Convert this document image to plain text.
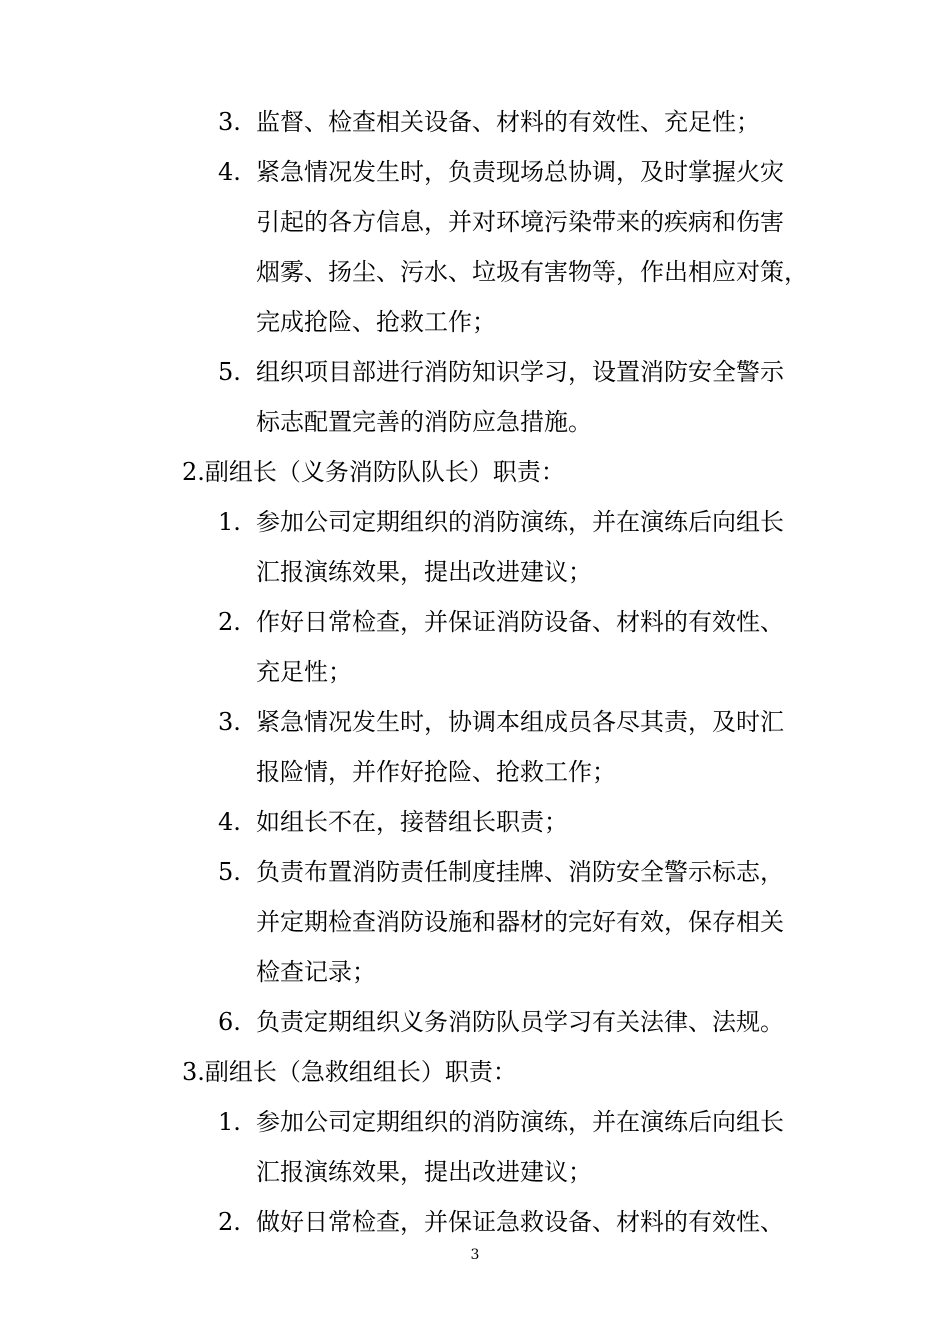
3. 监督、检查相关设备、材料的有效性、充足性；
4. 紧急情况发生时，负责现场总协调，及时掌握火灾
引起的各方信息，并对环境污染带来的疾病和伤害
烟雾、扬尘、污水、垃圾有害物等，作出相应对策，
完成抢险、抢救工作；
5. 组织项目部进行消防知识学习，设置消防安全警示
标志配置完善的消防应急措施。
2.副组长（义务消防队队长）职责：
1. 参加公司定期组织的消防演练，并在演练后向组长
汇报演练效果，提出改进建议；
2. 作好日常检查，并保证消防设备、材料的有效性、
充足性；
3. 紧急情况发生时，协调本组成员各尽其责，及时汇
报险情，并作好抢险、抢救工作；
4. 如组长不在，接替组长职责；
5. 负责布置消防责任制度挂牌、消防安全警示标志，
并定期检查消防设施和器材的完好有效，保存相关
检查记录；
6. 负责定期组织义务消防队员学习有关法律、法规。
3.副组长（急救组组长）职责：
1. 参加公司定期组织的消防演练，并在演练后向组长
汇报演练效果，提出改进建议；
2. 做好日常检查，并保证急救设备、材料的有效性、
3
